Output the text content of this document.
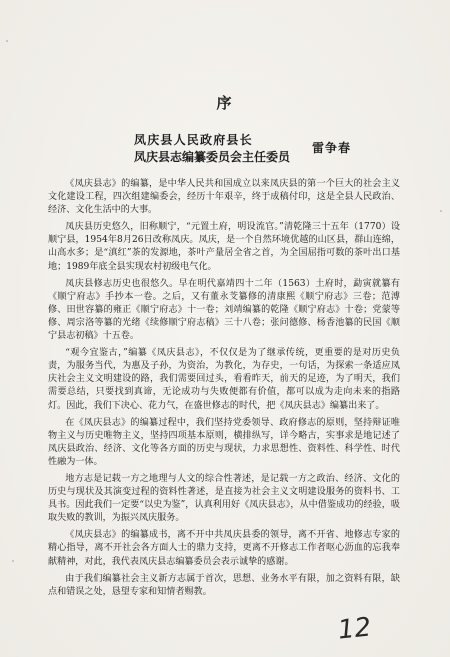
序
凤庆县人民政府县长
凤庆县志编纂委员会主任委员
雷争春

《凤庆县志》的编纂，是中华人民共和国成立以来凤庆县的第一个巨大的社会主义文化建设工程，四次组建编委会，经历十年艰辛，终于成稿付印，这是全县人民政治、经济、文化生活中的大事。

凤庆县历史悠久，旧称顺宁，“元置土府，明设流官。”清乾隆三十五年（1770）设顺宁县，1954年8月26日改称凤庆。凤庆，是一个自然环境优越的山区县，群山连绵，山高水多；是“滇红”茶的发源地，茶叶产量居全省之首，为全国屈指可数的茶叶出口基地；1989年底全县实现农村初级电气化。

凤庆县修志历史也很悠久。早在明代嘉靖四十二年（1563）土府时，勐寅就纂有《顺宁府志》手抄本一卷。之后，又有董永芠纂修的清康熙《顺宁府志》三卷；范溥修、田世容纂的雍正《顺宁府志》十一卷；刘靖编纂的乾隆《顺宁府志》十卷；党蒙等修、周宗洛等纂的光绪《续修顺宁府志稿》三十八卷；张问德修、杨香池纂的民国《顺宁县志初稿》十五卷。

“观今宜鉴古，”编纂《凤庆县志》，不仅仅是为了继承传统，更重要的是对历史负责，为服务当代，为惠及子孙，为资治，为教化，为存史，一句话，为探索一条适应凤庆社会主义文明建设的路，我们需要回过头，看看昨天，前天的足迹，为了明天，我们需要总结，只要找到真谛，无论成功与失败便都有价值，都可以成为走向未来的指路灯。因此，我们下决心、花力气，在盛世修志的时代，把《凤庆县志》编纂出来了。

在《凤庆县志》的编纂过程中，我们坚持党委领导、政府修志的原则，坚持辩证唯物主义与历史唯物主义，坚持四项基本原则，横排纵写，详今略古，实事求是地记述了凤庆县政治、经济、文化等各方面的历史与现状，力求思想性、资料性、科学性、时代性融为一体。

地方志是记载一方之地理与人文的综合性著述，是记载一方之政治、经济、文化的历史与现状及其演变过程的资料性著述，是直接为社会主义文明建设服务的资料书、工具书。因此我们一定要“以史为鉴”，认真利用好《凤庆县志》，从中借鉴成功的经验，吸取失败的教训，为振兴凤庆服务。

《凤庆县志》的编纂成书，离不开中共凤庆县委的领导，离不开省、地修志专家的精心指导，离不开社会各方面人士的鼎力支持，更离不开修志工作者呕心沥血的忘我奉献精神，对此，我代表凤庆县志编纂委员会表示诚挚的感谢。

由于我们编纂社会主义新方志属于首次，思想、业务水平有限，加之资料有限，缺点和错误之处，恳望专家和知情者赐教。

12
